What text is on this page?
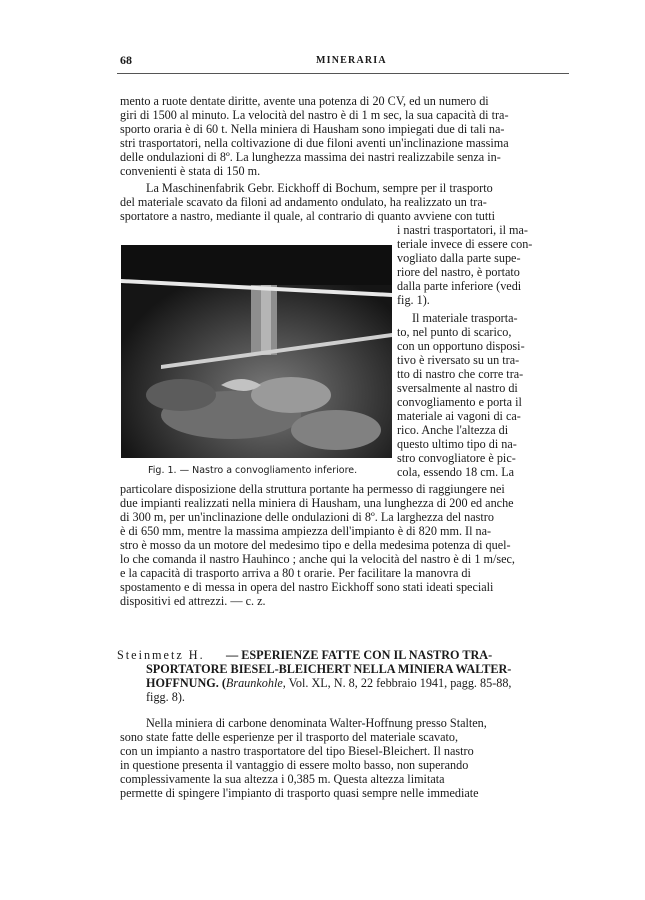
68	MINERARIA
mento a ruote dentate diritte, avente una potenza di 20 CV, ed un numero di
giri di 1500 al minuto. La velocità del nastro è di 1 m sec, la sua capacità di tra-
sporto oraria è di 60 t. Nella miniera di Hausham sono impiegati due di tali na-
stri trasportatori, nella coltivazione di due filoni aventi un'inclinazione massima
delle ondulazioni di 8º. La lunghezza massima dei nastri realizzabile senza in-
convenienti è stata di 150 m.
La Maschinenfabrik Gebr. Eickhoff di Bochum, sempre per il trasporto
del materiale scavato da filoni ad andamento ondulato, ha realizzato un tra-
sportatore a nastro, mediante il quale, al contrario di quanto avviene con tutti
Fig. 1. — Nastro a convogliamento inferiore.
i nastri trasportatori, il ma-
teriale invece di essere con-
vogliato dalla parte supe-
riore del nastro, è portato
dalla parte inferiore (vedi
fig. 1).
Il materiale trasporta-
to, nel punto di scarico,
con un opportuno disposi-
tivo è riversato su un tra-
tto di nastro che corre tra-
sversalmente al nastro di
convogliamento e porta il
materiale ai vagoni di ca-
rico. Anche l'altezza di
questo ultimo tipo di na-
stro convogliatore è pic-
cola, essendo 18 cm. La
particolare disposizione della struttura portante ha permesso di raggiungere nei
due impianti realizzati nella miniera di Hausham, una lunghezza di 200 ed anche
di 300 m, per un'inclinazione delle ondulazioni di 8º. La larghezza del nastro
è di 650 mm, mentre la massima ampiezza dell'impianto è di 820 mm. Il na-
stro è mosso da un motore del medesimo tipo e della medesima potenza di quel-
lo che comanda il nastro Hauhinco ; anche qui la velocità del nastro è di 1 m/sec,
e la capacità di trasporto arriva a 80 t orarie. Per facilitare la manovra di
spostamento e di messa in opera del nastro Eickhoff sono stati ideati speciali
dispositivi ed attrezzi. — c. z.
Steinmetz H. — ESPERIENZE FATTE CON IL NASTRO TRA-
SPORTATORE BIESEL-BLEICHERT NELLA MINIERA WALTER-
HOFFNUNG. (Braunkohle, Vol. XL, N. 8, 22 febbraio 1941, pagg. 85-88,
figg. 8).
Nella miniera di carbone denominata Walter-Hoffnung presso Stalten,
sono state fatte delle esperienze per il trasporto del materiale scavato,
con un impianto a nastro trasportatore del tipo Biesel-Bleichert. Il nastro
in questione presenta il vantaggio di essere molto basso, non superando
complessivamente la sua altezza i 0,385 m. Questa altezza limitata
permette di spingere l'impianto di trasporto quasi sempre nelle immediate
